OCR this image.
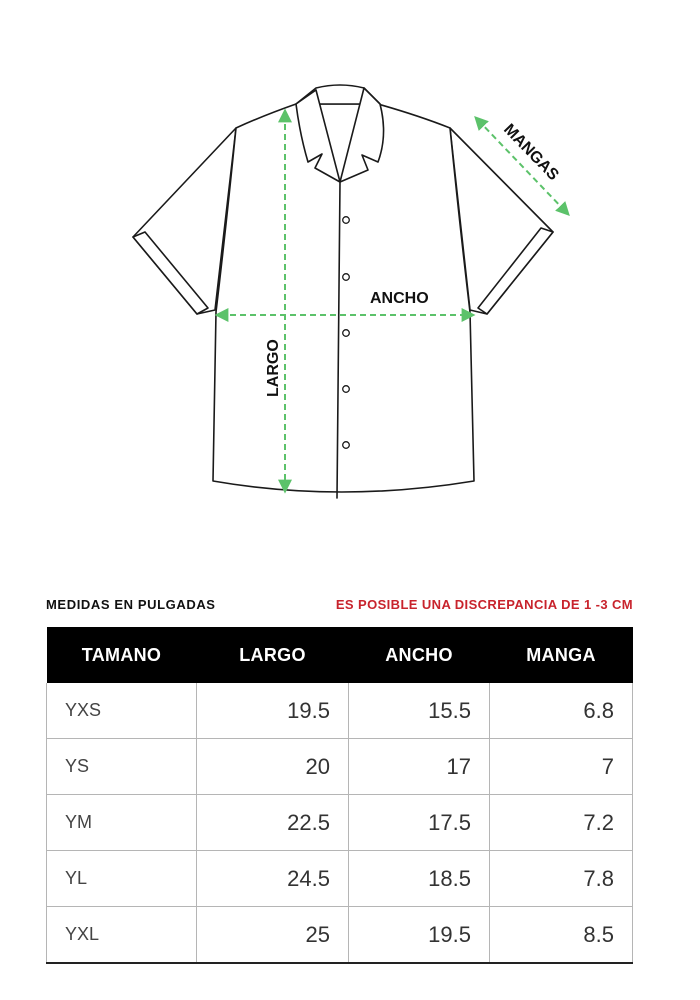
ANCHO
LARGO
MANGAS
MEDIDAS EN PULGADAS	ES POSIBLE UNA DISCREPANCIA DE 1 -3 CM
TAMANO	LARGO	ANCHO	MANGA
YXS	19.5	15.5	6.8
YS	20	17	7
YM	22.5	17.5	7.2
YL	24.5	18.5	7.8
YXL	25	19.5	8.5
